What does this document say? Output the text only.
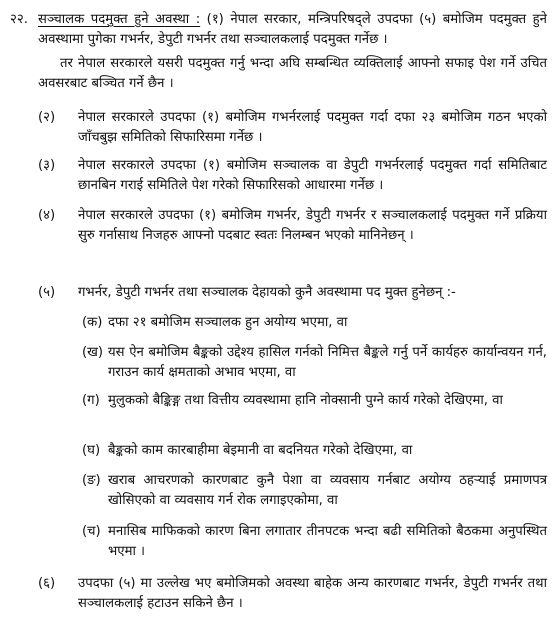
२२. सञ्चालक पदमुक्त हुने अवस्था : (१) नेपाल सरकार, मन्त्रिपरिषद्ले उपदफा (५) बमोजिम पदमुक्त हुने अवस्थामा पुगेका गभर्नर, डेपुटी गभर्नर तथा सञ्चालकलाई पदमुक्त गर्नेछ ।
तर नेपाल सरकारले यसरी पदमुक्त गर्नु भन्दा अघि सम्बन्धित व्यक्तिलाई आफ्नो सफाइ पेश गर्ने उचित अवसरबाट बञ्चित गर्ने छैन ।
(२)	नेपाल सरकारले उपदफा (१) बमोजिम गभर्नरलाई पदमुक्त गर्दा दफा २३ बमोजिम गठन भएको जाँचबुझ समितिको सिफारिसमा गर्नेछ ।
(३)	नेपाल सरकारले उपदफा (१) बमोजिम सञ्चालक वा डेपुटी गभर्नरलाई पदमुक्त गर्दा समितिबाट छानबिन गराई समितिले पेश गरेको सिफारिसको आधारमा गर्नेछ ।
(४)	नेपाल सरकारले उपदफा (१) बमोजिम गभर्नर, डेपुटी गभर्नर र सञ्चालकलाई पदमुक्त गर्ने प्रक्रिया सुरु गर्नासाथ निजहरु आफ्नो पदबाट स्वतः निलम्बन भएको मानिनेछन् ।
(५)	गभर्नर, डेपुटी गभर्नर तथा सञ्चालक देहायको कुनै अवस्थामा पद मुक्त हुनेछन् :-
(क) दफा २१ बमोजिम सञ्चालक हुन अयोग्य भएमा, वा
(ख) यस ऐन बमोजिम बैङ्कको उद्देश्य हासिल गर्नको निमित्त बैङ्कले गर्नु पर्ने कार्यहरु कार्यान्वयन गर्न, गराउन कार्य क्षमताको अभाव भएमा, वा
(ग) मुलुकको बैङ्किङ्ग तथा वित्तीय व्यवस्थामा हानि नोक्सानी पुग्ने कार्य गरेको देखिएमा, वा
(घ) बैङ्कको काम कारबाहीमा बेइमानी वा बदनियत गरेको देखिएमा, वा
(ङ) खराब आचरणको कारणबाट कुनै पेशा वा व्यवसाय गर्नबाट अयोग्य ठहऱ्याई प्रमाणपत्र खोसिएको वा व्यवसाय गर्न रोक लगाइएकोमा, वा
(च) मनासिब माफिकको कारण बिना लगातार तीनपटक भन्दा बढी समितिको बैठकमा अनुपस्थित भएमा ।
(६)	उपदफा (५) मा उल्लेख भए बमोजिमको अवस्था बाहेक अन्य कारणबाट गभर्नर, डेपुटी गभर्नर तथा सञ्चालकलाई हटाउन सकिने छैन ।
